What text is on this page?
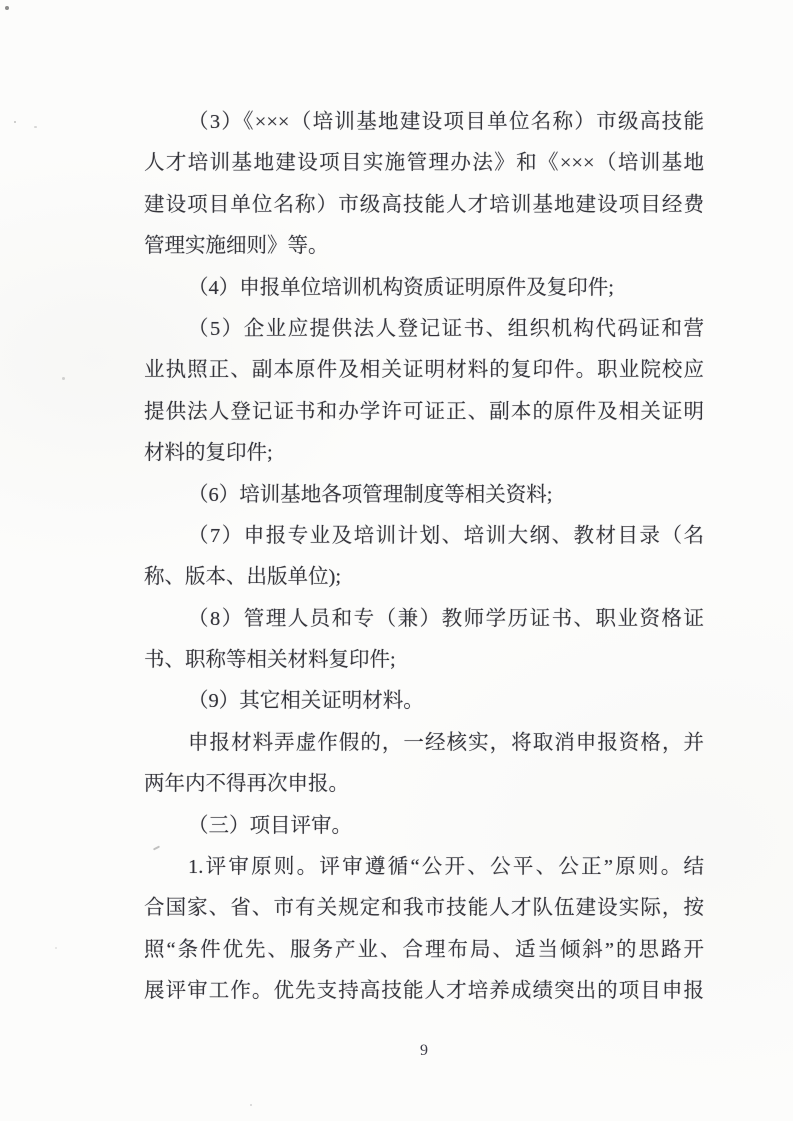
（3）《×××（培训基地建设项目单位名称）市级高技能
人才培训基地建设项目实施管理办法》和《×××（培训基地
建设项目单位名称）市级高技能人才培训基地建设项目经费
管理实施细则》等。
（4）申报单位培训机构资质证明原件及复印件;
（5）企业应提供法人登记证书、组织机构代码证和营
业执照正、副本原件及相关证明材料的复印件。职业院校应
提供法人登记证书和办学许可证正、副本的原件及相关证明
材料的复印件;
（6）培训基地各项管理制度等相关资料;
（7）申报专业及培训计划、培训大纲、教材目录（名
称、版本、出版单位);
（8）管理人员和专（兼）教师学历证书、职业资格证
书、职称等相关材料复印件;
（9）其它相关证明材料。
申报材料弄虚作假的，一经核实，将取消申报资格，并
两年内不得再次申报。
（三）项目评审。
1.评审原则。评审遵循“公开、公平、公正”原则。结
合国家、省、市有关规定和我市技能人才队伍建设实际，按
照“条件优先、服务产业、合理布局、适当倾斜”的思路开
展评审工作。优先支持高技能人才培养成绩突出的项目申报
9
